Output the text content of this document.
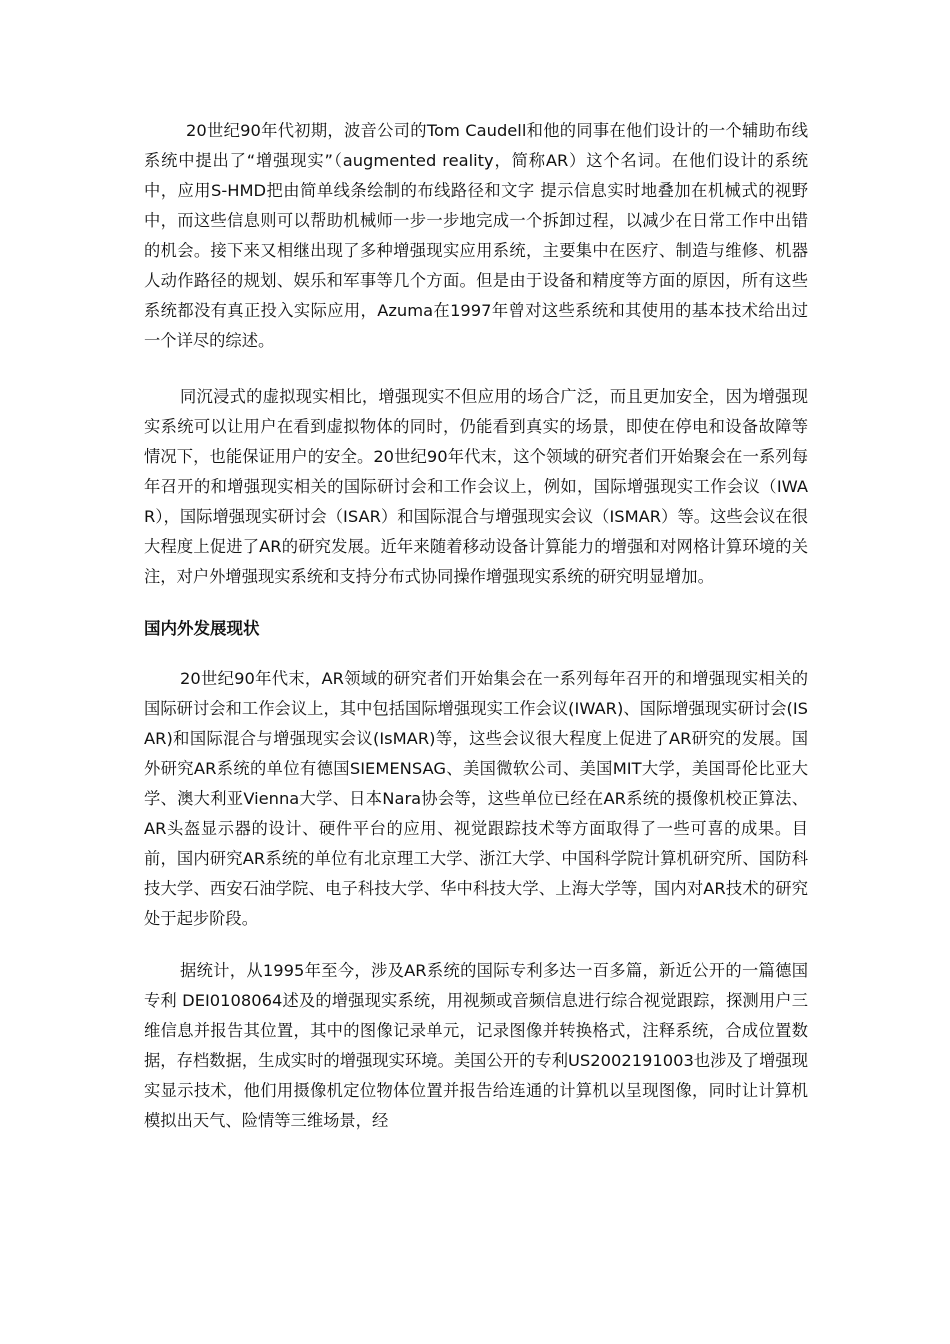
20世纪90年代初期，波音公司的Tom Caudell和他的同事在他们设计的一个辅助布线系统中提出了“增强现实”（augmented reality，简称AR）这个名词。在他们设计的系统中，应用S-HMD把由简单线条绘制的布线路径和文字 提示信息实时地叠加在机械式的视野中，而这些信息则可以帮助机械师一步一步地完成一个拆卸过程，以减少在日常工作中出错的机会。接下来又相继出现了多种增强现实应用系统，主要集中在医疗、制造与维修、机器人动作路径的规划、娱乐和军事等几个方面。但是由于设备和精度等方面的原因，所有这些系统都没有真正投入实际应用，Azuma在1997年曾对这些系统和其使用的基本技术给出过一个详尽的综述。

同沉浸式的虚拟现实相比，增强现实不但应用的场合广泛，而且更加安全，因为增强现实系统可以让用户在看到虚拟物体的同时，仍能看到真实的场景，即使在停电和设备故障等情况下，也能保证用户的安全。20世纪90年代末，这个领域的研究者们开始聚会在一系列每年召开的和增强现实相关的国际研讨会和工作会议上，例如，国际增强现实工作会议（IWAR），国际增强现实研讨会（ISAR）和国际混合与增强现实会议（ISMAR）等。这些会议在很大程度上促进了AR的研究发展。近年来随着移动设备计算能力的增强和对网格计算环境的关注，对户外增强现实系统和支持分布式协同操作增强现实系统的研究明显增加。

国内外发展现状

20世纪90年代末，AR领域的研究者们开始集会在一系列每年召开的和增强现实相关的国际研讨会和工作会议上，其中包括国际增强现实工作会议(IWAR)、国际增强现实研讨会(ISAR)和国际混合与增强现实会议(IsMAR)等，这些会议很大程度上促进了AR研究的发展。国外研究AR系统的单位有德国SIEMENSAG、美国微软公司、美国MIT大学，美国哥伦比亚大学、澳大利亚Vienna大学、日本Nara协会等，这些单位已经在AR系统的摄像机校正算法、AR头盔显示器的设计、硬件平台的应用、视觉跟踪技术等方面取得了一些可喜的成果。目前，国内研究AR系统的单位有北京理工大学、浙江大学、中国科学院计算机研究所、国防科技大学、西安石油学院、电子科技大学、华中科技大学、上海大学等，国内对AR技术的研究处于起步阶段。

据统计，从1995年至今，涉及AR系统的国际专利多达一百多篇，新近公开的一篇德国专利 DEI0108064述及的增强现实系统，用视频或音频信息进行综合视觉跟踪，探测用户三维信息并报告其位置，其中的图像记录单元，记录图像并转换格式，注释系统，合成位置数据，存档数据，生成实时的增强现实环境。美国公开的专利US2002191003也涉及了增强现实显示技术，他们用摄像机定位物体位置并报告给连通的计算机以呈现图像，同时让计算机模拟出天气、险情等三维场景，经
